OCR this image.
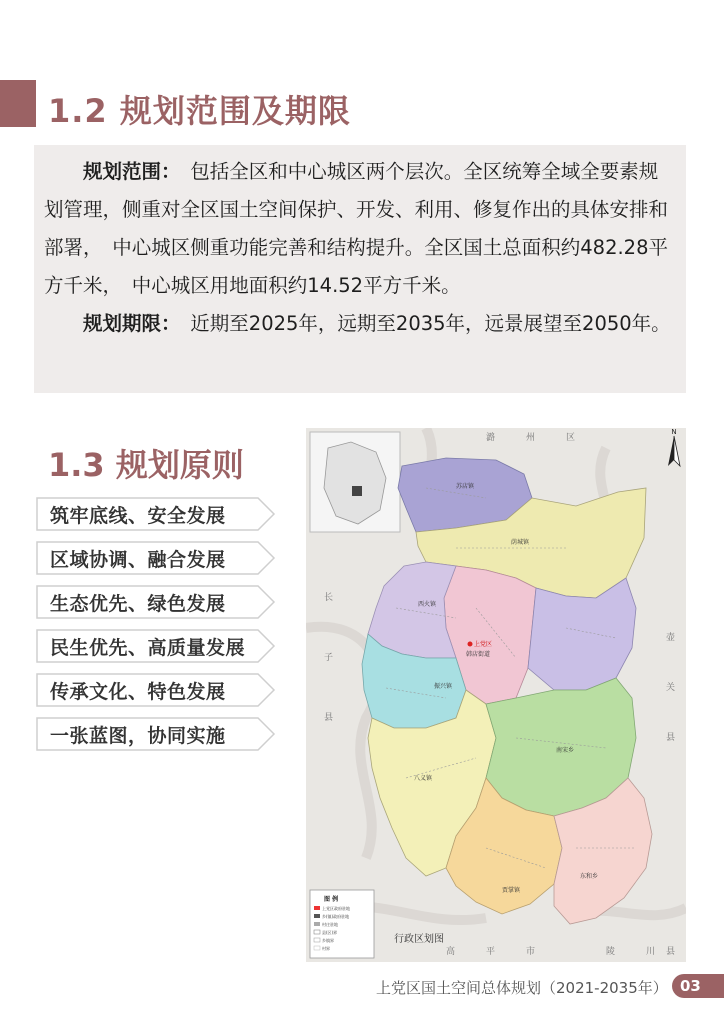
1.2 规划范围及期限
规划范围：　 包括全区和中心城区两个层次。全区统筹全域全要素规划管理，侧重对全区国土空间保护、开发、利用、修复作出的具体安排和部署，　中心城区侧重功能完善和结构提升。全区国土总面积约482.28平方千米，　中心城区用地面积约14.52平方千米。
规划期限：　 近期至2025年，远期至2035年，远景展望至2050年。
1.3 规划原则
筑牢底线、安全发展
区域协调、融合发展
生态优先、绿色发展
民生优先、高质量发展
传承文化、特色发展
一张蓝图，协同实施
N
潞	州	区
长
子
县
壶
关
县
高	平	市	陵	川 县
苏店镇
荫城镇
上党区
韩店街道
八义镇
西火镇
振兴镇
贾掌镇
南宋乡
东和乡
图 例
上党区政府驻地
乡(镇)政府驻地
村庄驻地
县(区)界
乡镇界
村界
行政区划图
上党区国土空间总体规划（2021-2035年） 03
